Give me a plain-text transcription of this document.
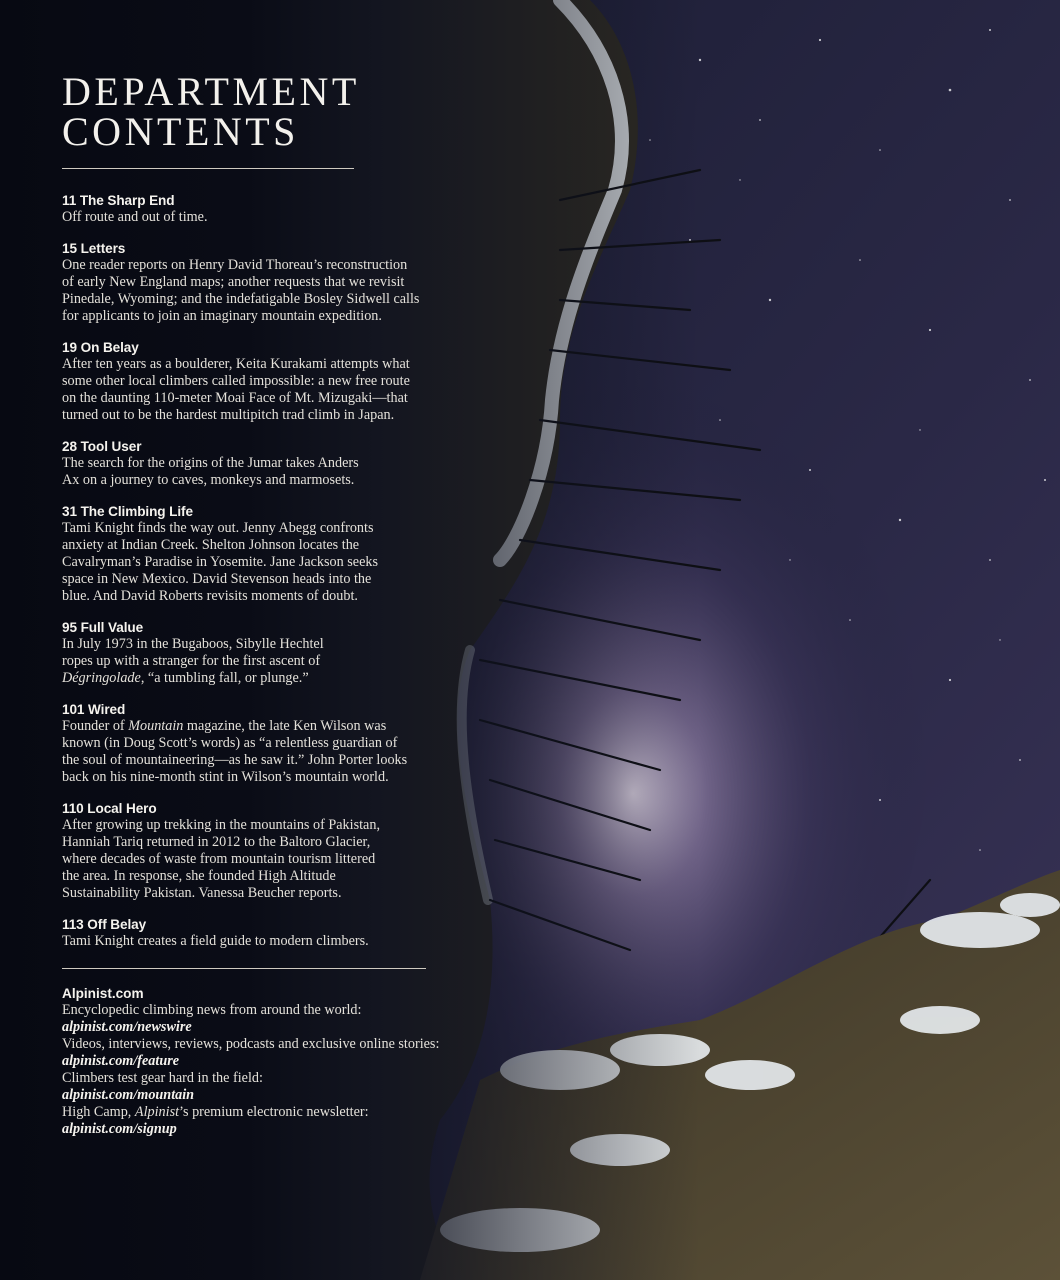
DEPARTMENT
CONTENTS
11 The Sharp End

Off route and out of time.

15 Letters

One reader reports on Henry David Thoreau’s reconstruction
of early New England maps; another requests that we revisit
Pinedale, Wyoming; and the indefatigable Bosley Sidwell calls
for applicants to join an imaginary mountain expedition.

19 On Belay

After ten years as a boulderer, Keita Kurakami attempts what
some other local climbers called impossible: a new free route
on the daunting 110-meter Moai Face of Mt. Mizugaki—that
turned out to be the hardest multipitch trad climb in Japan.

28 Tool User

The search for the origins of the Jumar takes Anders
Ax on a journey to caves, monkeys and marmosets.

31 The Climbing Life

Tami Knight finds the way out. Jenny Abegg confronts
anxiety at Indian Creek. Shelton Johnson locates the
Cavalryman’s Paradise in Yosemite. Jane Jackson seeks
space in New Mexico. David Stevenson heads into the
blue. And David Roberts revisits moments of doubt.

95 Full Value

In July 1973 in the Bugaboos, Sibylle Hechtel
ropes up with a stranger for the first ascent of
Dégringolade, “a tumbling fall, or plunge.”

101 Wired

Founder of Mountain magazine, the late Ken Wilson was
known (in Doug Scott’s words) as “a relentless guardian of
the soul of mountaineering—as he saw it.” John Porter looks
back on his nine-month stint in Wilson’s mountain world.

110 Local Hero

After growing up trekking in the mountains of Pakistan,
Hanniah Tariq returned in 2012 to the Baltoro Glacier,
where decades of waste from mountain tourism littered
the area. In response, she founded High Altitude
Sustainability Pakistan. Vanessa Beucher reports.

113 Off Belay

Tami Knight creates a field guide to modern climbers.

Alpinist.com

Encyclopedic climbing news from around the world:

alpinist.com/newswire

Videos, interviews, reviews, podcasts and exclusive online stories:

alpinist.com/feature

Climbers test gear hard in the field:

alpinist.com/mountain

High Camp, Alpinist’s premium electronic newsletter:

alpinist.com/signup
